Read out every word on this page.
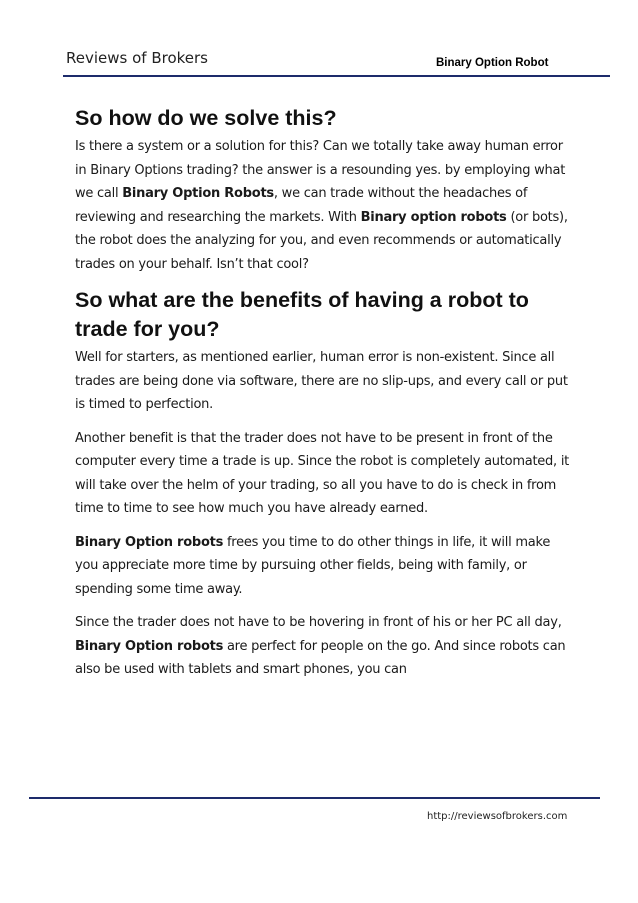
Reviews of Brokers	Binary Option Robot
So how do we solve this?

Is there a system or a solution for this? Can we totally take away human error in Binary Options trading? the answer is a resounding yes. by employing what we call Binary Option Robots, we can trade without the headaches of reviewing and researching the markets. With Binary option robots (or bots), the robot does the analyzing for you, and even recommends or automatically trades on your behalf. Isn’t that cool?

So what are the benefits of having a robot to trade for you?

Well for starters, as mentioned earlier, human error is non-existent. Since all trades are being done via software, there are no slip-ups, and every call or put is timed to perfection.

Another benefit is that the trader does not have to be present in front of the computer every time a trade is up. Since the robot is completely automated, it will take over the helm of your trading, so all you have to do is check in from time to time to see how much you have already earned.

Binary Option robots frees you time to do other things in life, it will make you appreciate more time by pursuing other fields, being with family, or spending some time away.

Since the trader does not have to be hovering in front of his or her PC all day, Binary Option robots are perfect for people on the go. And since robots can also be used with tablets and smart phones, you can

http://reviewsofbrokers.com
